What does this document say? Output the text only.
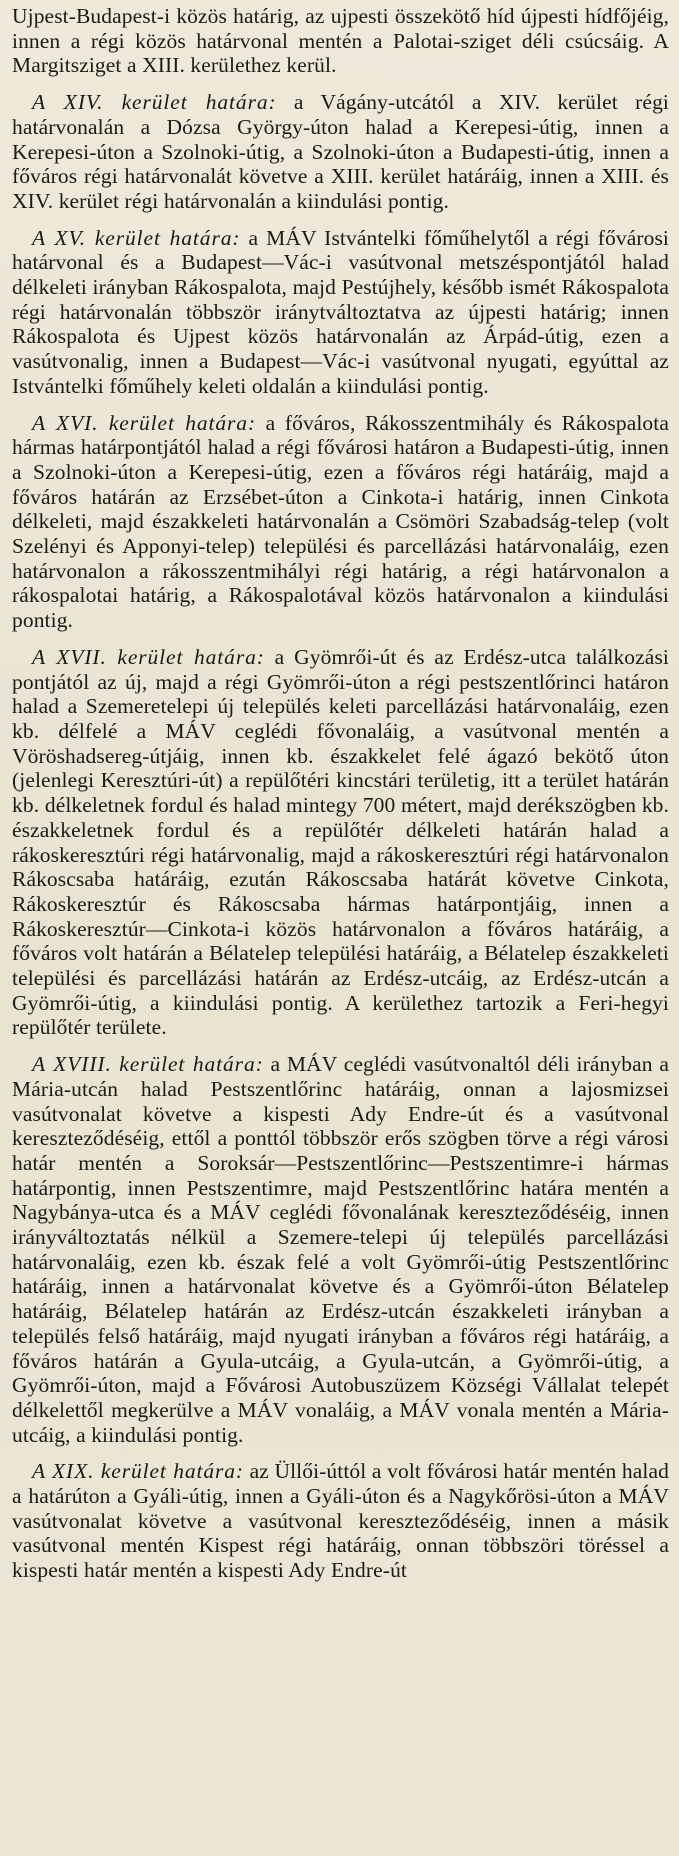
Ujpest-Budapest-i közös határig, az ujpesti összekötő híd újpesti hídfőjéig, innen a régi közös határvonal mentén a Palotai-sziget déli csúcsáig. A Margitsziget a XIII. kerülethez kerül.

A XIV. kerület határa: a Vágány-utcától a XIV. kerület régi határvonalán a Dózsa György-úton halad a Kerepesi-útig, innen a Kerepesi-úton a Szolnoki-útig, a Szolnoki-úton a Budapesti-útig, innen a főváros régi határvonalát követve a XIII. kerület határáig, innen a XIII. és XIV. kerület régi határvonalán a kiindulási pontig.

A XV. kerület határa: a MÁV Istvántelki főműhelytől a régi fővárosi határvonal és a Budapest—Vác-i vasútvonal metszéspontjától halad délkeleti irányban Rákospalota, majd Pestújhely, később ismét Rákospalota régi határvonalán többször iránytváltoztatva az újpesti határig; innen Rákospalota és Ujpest közös határvonalán az Árpád-útig, ezen a vasútvonalig, innen a Budapest—Vác-i vasútvonal nyugati, egyúttal az Istvántelki főműhely keleti oldalán a kiindulási pontig.

A XVI. kerület határa: a főváros, Rákosszentmihály és Rákospalota hármas határpontjától halad a régi fővárosi határon a Budapesti-útig, innen a Szolnoki-úton a Kerepesi-útig, ezen a főváros régi határáig, majd a főváros határán az Erzsébet-úton a Cinkota-i határig, innen Cinkota délkeleti, majd északkeleti határvonalán a Csömöri Szabadság-telep (volt Szelényi és Apponyi-telep) települési és parcellázási határvonaláig, ezen határvonalon a rákosszentmihályi régi határig, a régi határvonalon a rákospalotai határig, a Rákospalotával közös határvonalon a kiindulási pontig.

A XVII. kerület határa: a Gyömrői-út és az Erdész-utca találkozási pontjától az új, majd a régi Gyömrői-úton a régi pestszentlőrinci határon halad a Szemeretelepi új település keleti parcellázási határvonaláig, ezen kb. délfelé a MÁV ceglédi fővonaláig, a vasútvonal mentén a Vöröshadsereg-útjáig, innen kb. északkelet felé ágazó bekötő úton (jelenlegi Keresztúri-út) a repülőtéri kincstári területig, itt a terület határán kb. délkeletnek fordul és halad mintegy 700 métert, majd derékszögben kb. északkeletnek fordul és a repülőtér délkeleti határán halad a rákoskeresztúri régi határvonalig, majd a rákoskeresztúri régi határvonalon Rákoscsaba határáig, ezután Rákoscsaba határát követve Cinkota, Rákoskeresztúr és Rákoscsaba hármas határpontjáig, innen a Rákoskeresztúr—Cinkota-i közös határvonalon a főváros határáig, a főváros volt határán a Bélatelep települési határáig, a Bélatelep északkeleti települési és parcellázási határán az Erdész-utcáig, az Erdész-utcán a Gyömrői-útig, a kiindulási pontig. A kerülethez tartozik a Feri-hegyi repülőtér területe.

A XVIII. kerület határa: a MÁV ceglédi vasútvonaltól déli irányban a Mária-utcán halad Pestszentlőrinc határáig, onnan a lajosmizsei vasútvonalat követve a kispesti Ady Endre-út és a vasútvonal kereszteződéséig, ettől a ponttól többször erős szögben törve a régi városi határ mentén a Soroksár—Pestszentlőrinc—Pestszentimre-i hármas határpontig, innen Pestszentimre, majd Pestszentlőrinc határa mentén a Nagybánya-utca és a MÁV ceglédi fővonalának kereszteződéséig, innen irányváltoztatás nélkül a Szemere-telepi új település parcellázási határvonaláig, ezen kb. észak felé a volt Gyömrői-útig Pestszentlőrinc határáig, innen a határvonalat követve és a Gyömrői-úton Bélatelep határáig, Bélatelep határán az Erdész-utcán északkeleti irányban a település felső határáig, majd nyugati irányban a főváros régi határáig, a főváros határán a Gyula-utcáig, a Gyula-utcán, a Gyömrői-útig, a Gyömrői-úton, majd a Fővárosi Autobuszüzem Községi Vállalat telepét délkelettől megkerülve a MÁV vonaláig, a MÁV vonala mentén a Mária-utcáig, a kiindulási pontig.

A XIX. kerület határa: az Üllői-úttól a volt fővárosi határ mentén halad a határúton a Gyáli-útig, innen a Gyáli-úton és a Nagykőrösi-úton a MÁV vasútvonalat követve a vasútvonal kereszteződéséig, innen a másik vasútvonal mentén Kispest régi határáig, onnan többszöri töréssel a kispesti határ mentén a kispesti Ady Endre-út
